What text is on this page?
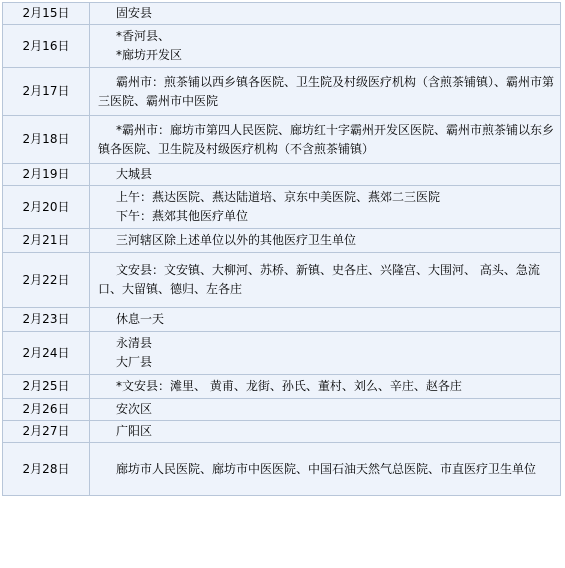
2月15日	固安县

2月16日	*香河县、
*廊坊开发区

2月17日	霸州市：煎茶铺以西乡镇各医院、卫生院及村级医疗机构（含煎茶铺镇）、霸州市第三医院、霸州市中医院

2月18日	*霸州市：廊坊市第四人民医院、廊坊红十字霸州开发区医院、霸州市煎茶铺以东乡镇各医院、卫生院及村级医疗机构（不含煎茶铺镇）

2月19日	大城县

2月20日	上午：燕达医院、燕达陆道培、京东中美医院、燕郊二三医院
下午：燕郊其他医疗单位

2月21日	三河辖区除上述单位以外的其他医疗卫生单位

2月22日	文安县：文安镇、大柳河、苏桥、新镇、史各庄、兴隆宫、大围河、 高头、急流口、大留镇、德归、左各庄

2月23日	休息一天

2月24日	永清县
大厂县

2月25日	*文安县：滩里、 黄甫、龙街、孙氏、董村、刘么、辛庄、赵各庄

2月26日	安次区

2月27日	广阳区

2月28日	廊坊市人民医院、廊坊市中医医院、中国石油天然气总医院、市直医疗卫生单位
